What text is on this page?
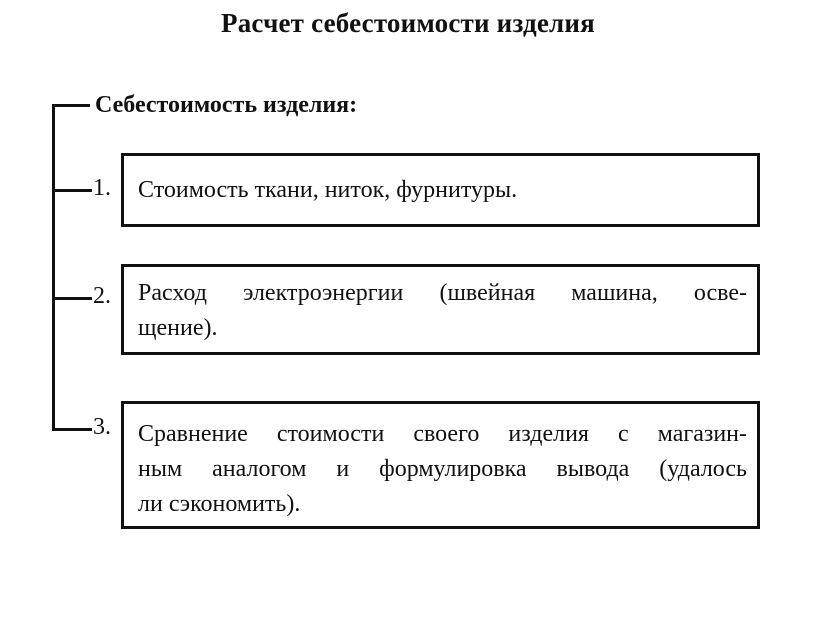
Расчет себестоимости изделия
Себестоимость изделия:
1. Стоимость ткани, ниток, фурнитуры.
2. Расход электроэнергии (швейная машина, осве-
щение).
3. Сравнение стоимости своего изделия с магазин-
ным аналогом и формулировка вывода (удалось
ли сэкономить).
